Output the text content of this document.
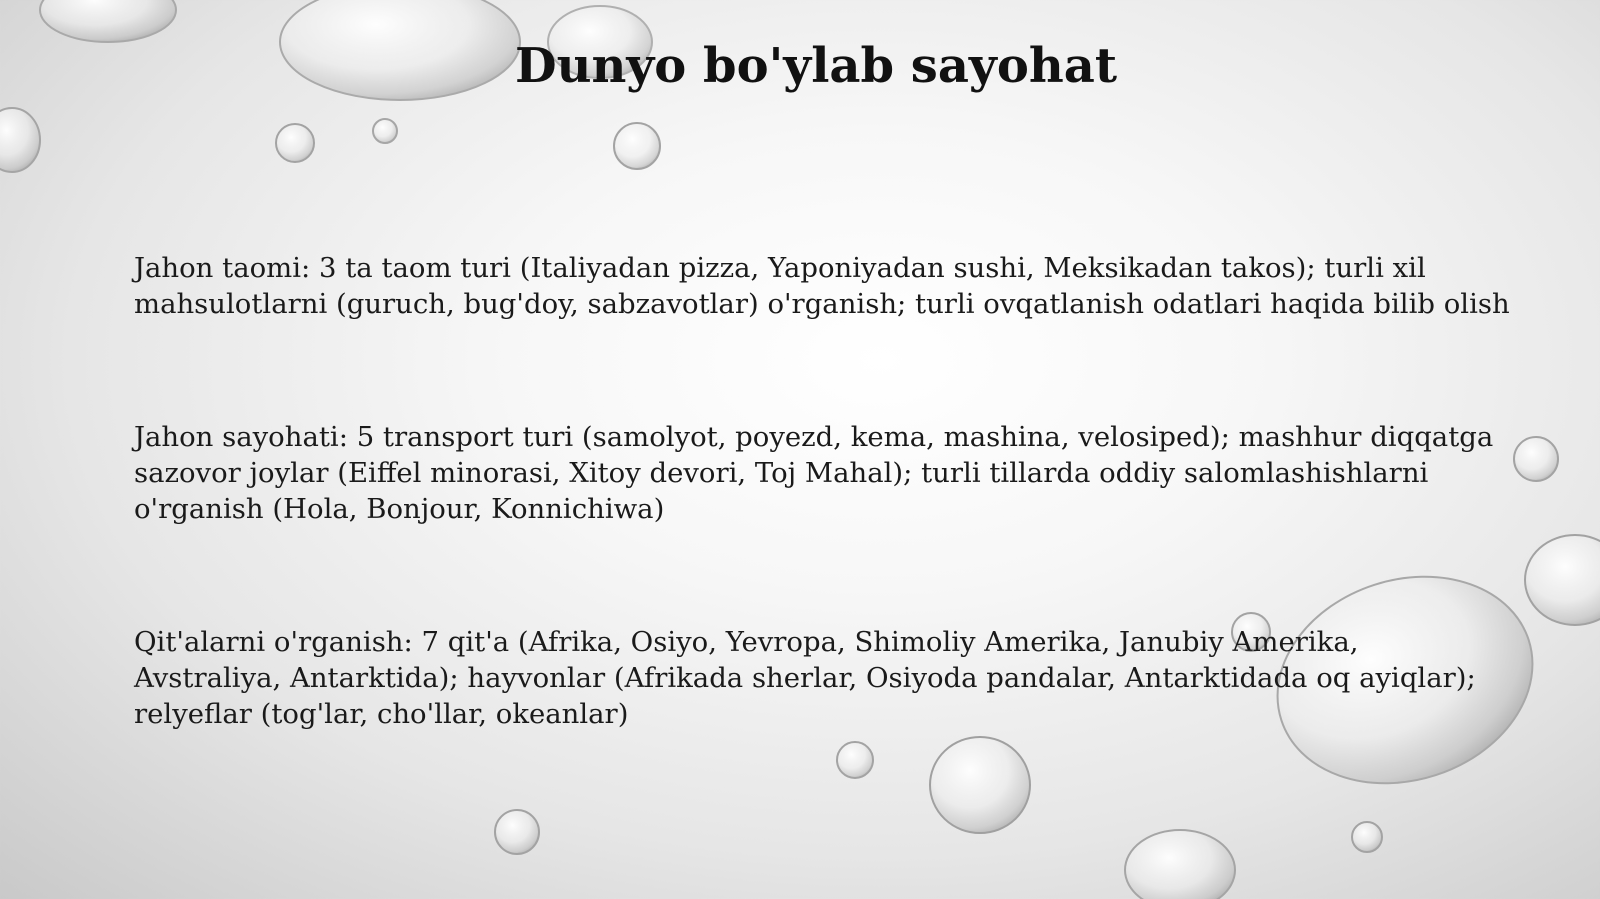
Dunyo bo'ylab sayohat

Jahon taomi: 3 ta taom turi (Italiyadan pizza, Yaponiyadan sushi, Meksikadan takos); turli xil mahsulotlarni (guruch, bug'doy, sabzavotlar) o'rganish; turli ovqatlanish odatlari haqida bilib olish

Jahon sayohati: 5 transport turi (samolyot, poyezd, kema, mashina, velosiped); mashhur diqqatga sazovor joylar (Eiffel minorasi, Xitoy devori, Toj Mahal); turli tillarda oddiy salomlashishlarni o'rganish (Hola, Bonjour, Konnichiwa)

Qit'alarni o'rganish: 7 qit'a (Afrika, Osiyo, Yevropa, Shimoliy Amerika, Janubiy Amerika, Avstraliya, Antarktida); hayvonlar (Afrikada sherlar, Osiyoda pandalar, Antarktidada oq ayiqlar); relyeflar (tog'lar, cho'llar, okeanlar)
